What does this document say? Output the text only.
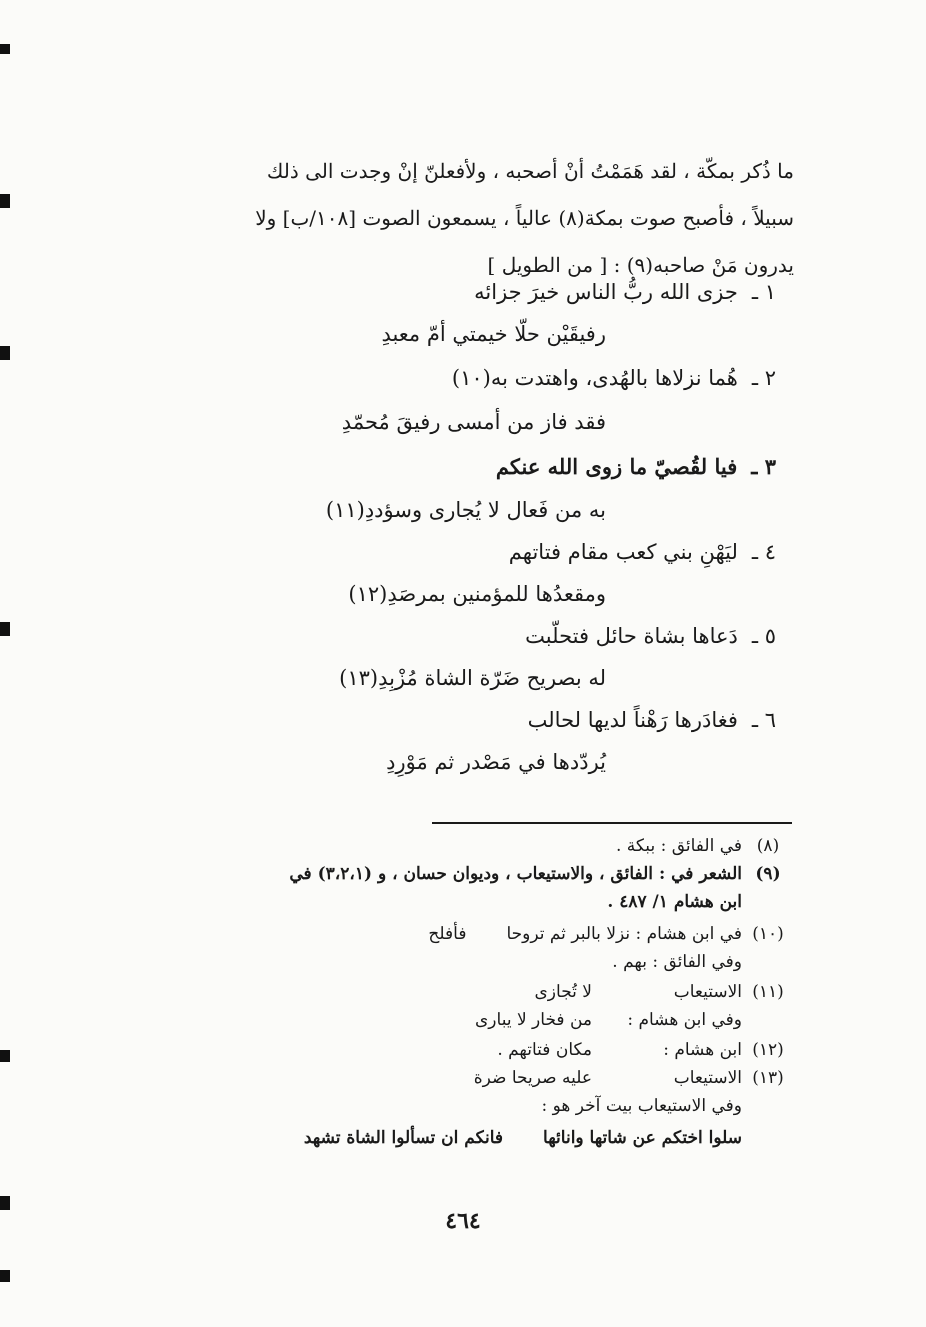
ما ذُكر بمكّة ، لقد هَمَمْتُ أنْ أصحبه ، ولأفعلنّ إنْ وجدت الى ذلك

سبيلاً ، فأصبح صوت بمكة(٨) عالياً ، يسمعون الصوت [١٠٨/ب] ولا

يدرون مَنْ صاحبه(٩) : [ من الطويل ]

١ ـجزى الله ربُّ الناس خيرَ جزائه
رفيقَيْن حلّا خيمتي أمّ معبدِ
٢ ـهُما نزلاها بالهُدى، واهتدت به(١٠)
فقد فاز من أمسى رفيقَ مُحمّدِ
٣ ـفيا لقُصيّ ما زوى الله عنكم
به من فَعال لا يُجارى وسؤددِ(١١)
٤ ـليَهْنِ بني كعب مقام فتاتهم
ومقعدُها للمؤمنين بمرصَدِ(١٢)
٥ ـدَعاها بشاة حائل فتحلّبت
له بصريح ضَرّة الشاة مُزْبِدِ(١٣)
٦ ـفغادَرها رَهْناً لديها لحالب
يُردّدها في مَصْدر ثم مَوْرِدِ
(٨)في الفائق : ببكة .
(٩)الشعر في : الفائق ، والاستيعاب ، وديوان حسان ، و (٣،٢،١) في
ابن هشام ١/ ٤٨٧ .
(١٠)في ابن هشام : نزلا بالبر ثم تروحافأفلح
وفي الفائق : بهم .
(١١)الاستيعابلا تُجازى
وفي ابن هشام :من فخار لا يبارى
(١٢)ابن هشام :مكان فتاتهم .
(١٣)الاستيعابعليه صريحا ضرة
وفي الاستيعاب بيت آخر هو :
سلوا اختكم عن شاتها وانائهافانكم ان تسألوا الشاة تشهد
٤٦٤
